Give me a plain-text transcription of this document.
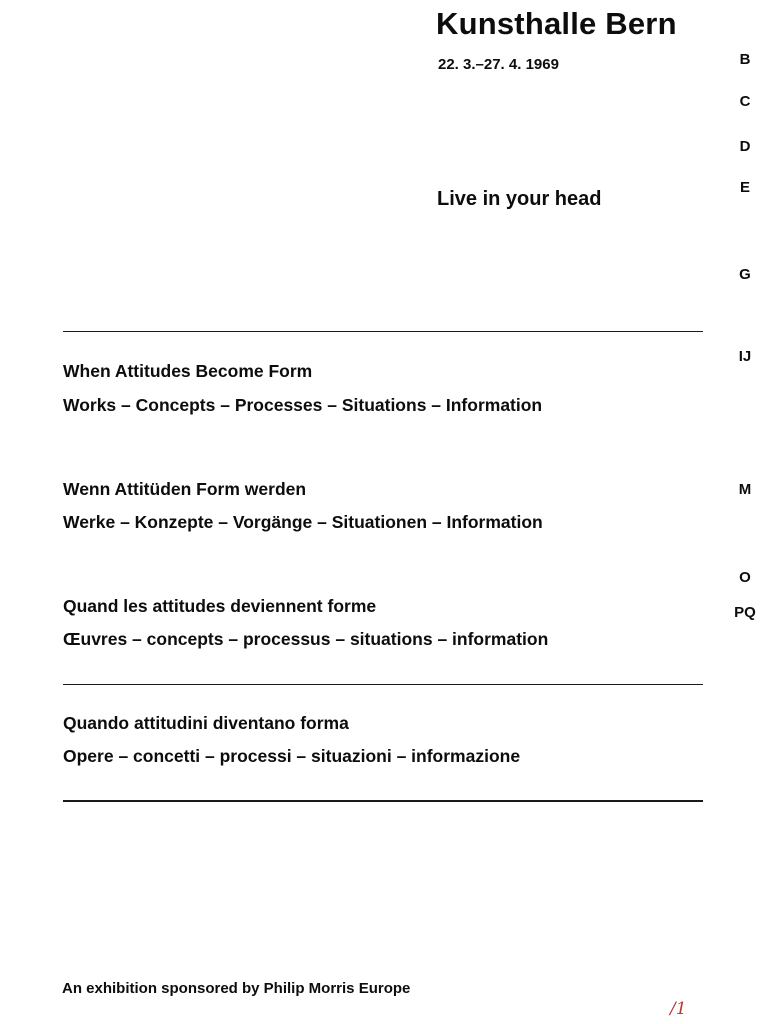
Kunsthalle Bern
22. 3.–27. 4. 1969
Live in your head
B
C
D
E
G
IJ
M
O
PQ
When Attitudes Become Form
Works – Concepts – Processes – Situations – Information
Wenn Attitüden Form werden
Werke – Konzepte – Vorgänge – Situationen – Information
Quand les attitudes deviennent forme
Œuvres – concepts – processus – situations – information
Quando attitudini diventano forma
Opere – concetti – processi – situazioni – informazione
An exhibition sponsored by Philip Morris Europe
/1
